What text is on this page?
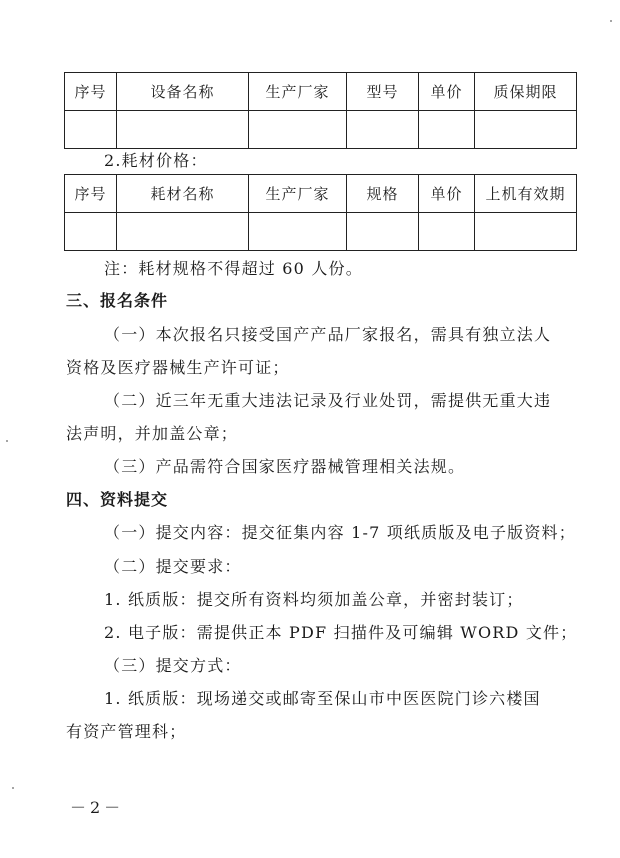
序号	设备名称	生产厂家	型号	单价	质保期限

2.耗材价格：
序号	耗材名称	生产厂家	规格	单价	上机有效期

注：耗材规格不得超过 60 人份。
三、报名条件
（一）本次报名只接受国产产品厂家报名，需具有独立法人
资格及医疗器械生产许可证；
（二）近三年无重大违法记录及行业处罚，需提供无重大违
法声明，并加盖公章；
（三）产品需符合国家医疗器械管理相关法规。
四、资料提交
（一）提交内容：提交征集内容 1-7 项纸质版及电子版资料；
（二）提交要求：
1. 纸质版：提交所有资料均须加盖公章，并密封装订；
2. 电子版：需提供正本 PDF 扫描件及可编辑 WORD 文件；
（三）提交方式：
1. 纸质版：现场递交或邮寄至保山市中医医院门诊六楼国
有资产管理科；
－2－
